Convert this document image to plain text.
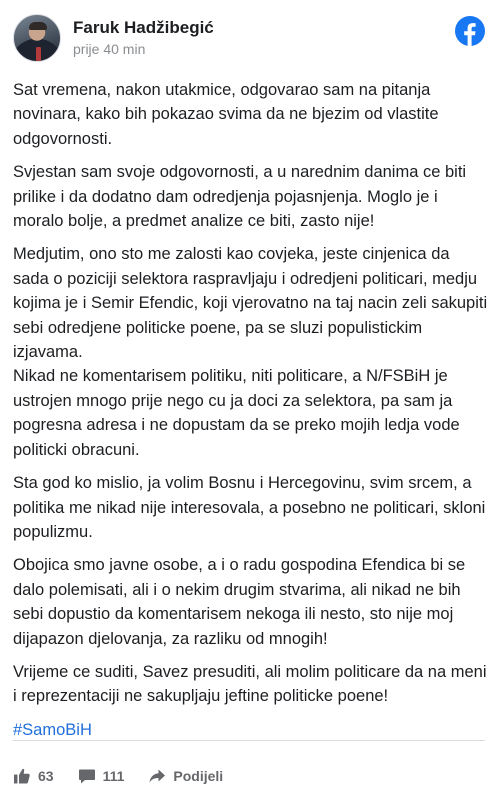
Faruk Hadžibegić
prije 40 min

Sat vremena, nakon utakmice, odgovarao sam na pitanja novinara, kako bih pokazao svima da ne bjezim od vlastite odgovornosti.

Svjestan sam svoje odgovornosti, a u narednim danima ce biti prilike i da dodatno dam odredjenja pojasnjenja. Moglo je i moralo bolje, a predmet analize ce biti, zasto nije!

Medjutim, ono sto me zalosti kao covjeka, jeste cinjenica da sada o poziciji selektora raspravljaju i odredjeni politicari, medju kojima je i Semir Efendic, koji vjerovatno na taj nacin zeli sakupiti sebi odredjene politicke poene, pa se sluzi populistickim izjavama.

Nikad ne komentarisem politiku, niti politicare, a N/FSBiH je ustrojen mnogo prije nego cu ja doci za selektora, pa sam ja pogresna adresa i ne dopustam da se preko mojih ledja vode politicki obracuni.

Sta god ko mislio, ja volim Bosnu i Hercegovinu, svim srcem, a politika me nikad nije interesovala, a posebno ne politicari, skloni populizmu.

Obojica smo javne osobe, a i o radu gospodina Efendica bi se dalo polemisati, ali i o nekim drugim stvarima, ali nikad ne bih sebi dopustio da komentarisem nekoga ili nesto, sto nije moj dijapazon djelovanja, za razliku od mnogih!

Vrijeme ce suditi, Savez presuditi, ali molim politicare da na meni i reprezentaciji ne sakupljaju jeftine politicke poene!

#SamoBiH
63	111	Podijeli
